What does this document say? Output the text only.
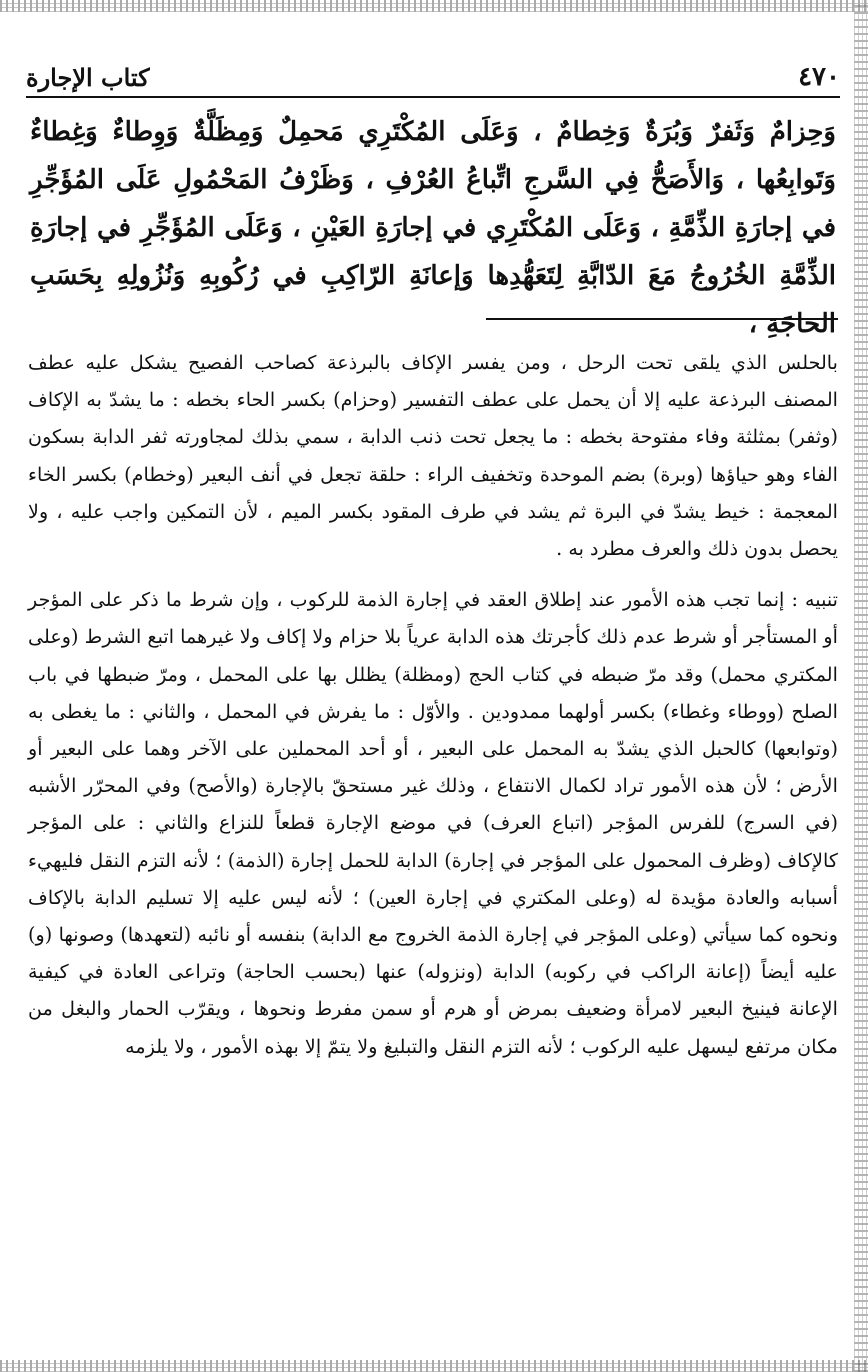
٤٧٠
كتاب الإجارة

وَحِزامٌ وَثَفرٌ وَبُرَةٌ وَخِطامٌ ، وَعَلَى المُكْتَرِي مَحمِلٌ وَمِظَلَّةٌ وَوِطاءٌ وَغِطاءٌ وَتَوابِعُها ، وَالأَصَحُّ فِي السَّرجِ اتِّباعُ العُرْفِ ، وَظَرْفُ المَحْمُولِ عَلَى المُؤَجِّرِ في إجارَةِ الذِّمَّةِ ، وَعَلَى المُكْتَرِي في إجارَةِ العَيْنِ ، وَعَلَى المُؤَجِّرِ في إجارَةِ الذِّمَّةِ الخُرُوجُ مَعَ الدّابَّةِ لِتَعَهُّدِها وَإعانَةِ الرّاكِبِ في رُكُوبِهِ وَنُزُولِهِ بِحَسَبِ الحاجَةِ ،

بالحلس الذي يلقى تحت الرحل ، ومن يفسر الإكاف بالبرذعة كصاحب الفصيح يشكل عليه عطف المصنف البرذعة عليه إلا أن يحمل على عطف التفسير (وحزام) بكسر الحاء بخطه : ما يشدّ به الإكاف (وثفر) بمثلثة وفاء مفتوحة بخطه : ما يجعل تحت ذنب الدابة ، سمي بذلك لمجاورته ثفر الدابة بسكون الفاء وهو حياؤها (وبرة) بضم الموحدة وتخفيف الراء : حلقة تجعل في أنف البعير (وخطام) بكسر الخاء المعجمة : خيط يشدّ في البرة ثم يشد في طرف المقود بكسر الميم ، لأن التمكين واجب عليه ، ولا يحصل بدون ذلك والعرف مطرد به .

تنبيه : إنما تجب هذه الأمور عند إطلاق العقد في إجارة الذمة للركوب ، وإن شرط ما ذكر على المؤجر أو المستأجر أو شرط عدم ذلك كأجرتك هذه الدابة عرياً بلا حزام ولا إكاف ولا غيرهما اتبع الشرط (وعلى المكتري محمل) وقد مرّ ضبطه في كتاب الحج (ومظلة) يظلل بها على المحمل ، ومرّ ضبطها في باب الصلح (ووطاء وغطاء) بكسر أولهما ممدودين . والأوّل : ما يفرش في المحمل ، والثاني : ما يغطى به (وتوابعها) كالحبل الذي يشدّ به المحمل على البعير ، أو أحد المحملين على الآخر وهما على البعير أو الأرض ؛ لأن هذه الأمور تراد لكمال الانتفاع ، وذلك غير مستحقّ بالإجارة (والأصح) وفي المحرّر الأشبه (في السرج) للفرس المؤجر (اتباع العرف) في موضع الإجارة قطعاً للنزاع والثاني : على المؤجر كالإكاف (وظرف المحمول على المؤجر في إجارة) الدابة للحمل إجارة (الذمة) ؛ لأنه التزم النقل فليهيء أسبابه والعادة مؤيدة له (وعلى المكتري في إجارة العين) ؛ لأنه ليس عليه إلا تسليم الدابة بالإكاف ونحوه كما سيأتي (وعلى المؤجر في إجارة الذمة الخروج مع الدابة) بنفسه أو نائبه (لتعهدها) وصونها (و) عليه أيضاً (إعانة الراكب في ركوبه) الدابة (ونزوله) عنها (بحسب الحاجة) وتراعى العادة في كيفية الإعانة فينيخ البعير لامرأة وضعيف بمرض أو هرم أو سمن مفرط ونحوها ، ويقرّب الحمار والبغل من مكان مرتفع ليسهل عليه الركوب ؛ لأنه التزم النقل والتبليغ ولا يتمّ إلا بهذه الأمور ، ولا يلزمه
